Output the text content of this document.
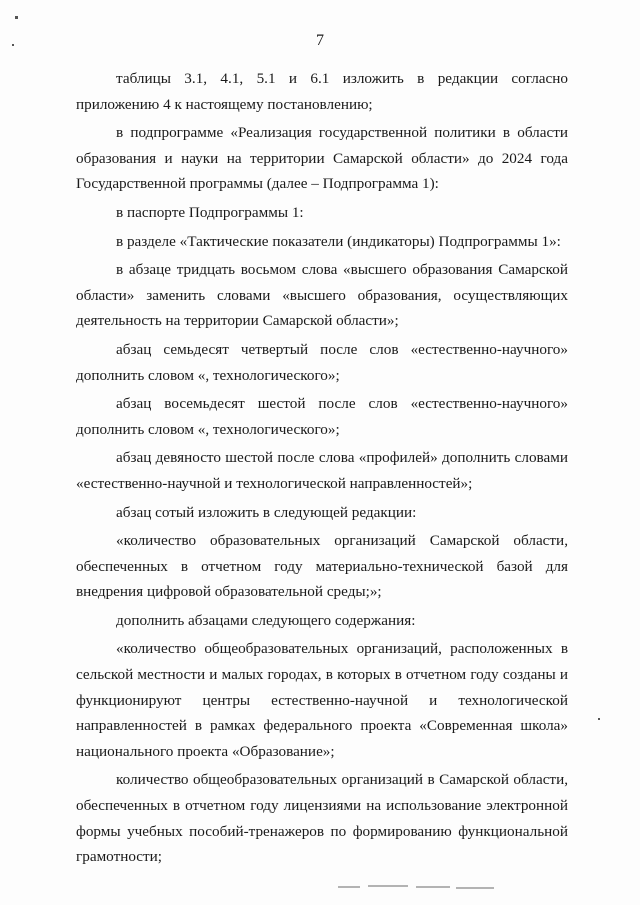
7

таблицы 3.1, 4.1, 5.1 и 6.1 изложить в редакции согласно приложению 4 к настоящему постановлению;

в подпрограмме «Реализация государственной политики в области образования и науки на территории Самарской области» до 2024 года Государственной программы (далее – Подпрограмма 1):

в паспорте Подпрограммы 1:

в разделе «Тактические показатели (индикаторы) Подпрограммы 1»:

в абзаце тридцать восьмом слова «высшего образования Самарской области» заменить словами «высшего образования, осуществляющих деятельность на территории Самарской области»;

абзац семьдесят четвертый после слов «естественно-научного» дополнить словом «, технологического»;

абзац восемьдесят шестой после слов «естественно-научного» дополнить словом «, технологического»;

абзац девяносто шестой после слова «профилей» дополнить словами «естественно-научной и технологической направленностей»;

абзац сотый изложить в следующей редакции:

«количество образовательных организаций Самарской области, обеспеченных в отчетном году материально-технической базой для внедрения цифровой образовательной среды;»;

дополнить абзацами следующего содержания:

«количество общеобразовательных организаций, расположенных в сельской местности и малых городах, в которых в отчетном году созданы и функционируют центры естественно-научной и технологической направленностей в рамках федерального проекта «Современная школа» национального проекта «Образование»;

количество общеобразовательных организаций в Самарской области, обеспеченных в отчетном году лицензиями на использование электронной формы учебных пособий-тренажеров по формированию функциональной грамотности;
